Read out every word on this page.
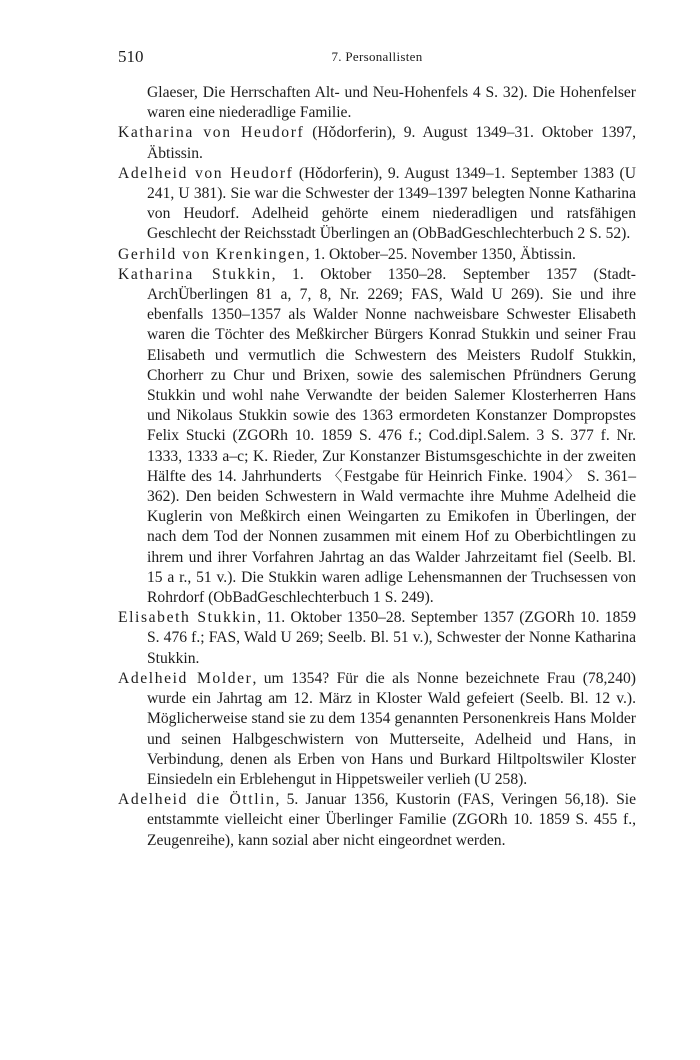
510	7. Personallisten

Glaeser, Die Herrschaften Alt- und Neu-Hohenfels 4 S. 32). Die Hohenfelser waren eine niederadlige Familie.

Katharina von Heudorf (Hǒdorferin), 9. August 1349–31. Oktober 1397, Äbtissin.

Adelheid von Heudorf (Hǒdorferin), 9. August 1349–1. September 1383 (U 241, U 381). Sie war die Schwester der 1349–1397 belegten Nonne Katharina von Heudorf. Adelheid gehörte einem niederadligen und ratsfähigen Geschlecht der Reichsstadt Überlingen an (ObBadGeschlechterbuch 2 S. 52).

Gerhild von Krenkingen, 1. Oktober–25. November 1350, Äbtissin.

Katharina Stukkin, 1. Oktober 1350–28. September 1357 (StadtArchÜberlingen 81 a, 7, 8, Nr. 2269; FAS, Wald U 269). Sie und ihre ebenfalls 1350–1357 als Walder Nonne nachweisbare Schwester Elisabeth waren die Töchter des Meßkircher Bürgers Konrad Stukkin und seiner Frau Elisabeth und vermutlich die Schwestern des Meisters Rudolf Stukkin, Chorherr zu Chur und Brixen, sowie des salemischen Pfründners Gerung Stukkin und wohl nahe Verwandte der beiden Salemer Klosterherren Hans und Nikolaus Stukkin sowie des 1363 ermordeten Konstanzer Dompropstes Felix Stucki (ZGORh 10. 1859 S. 476 f.; Cod.dipl.Salem. 3 S. 377 f. Nr. 1333, 1333 a–c; K. Rieder, Zur Konstanzer Bistumsgeschichte in der zweiten Hälfte des 14. Jahrhunderts 〈Festgabe für Heinrich Finke. 1904〉 S. 361–362). Den beiden Schwestern in Wald vermachte ihre Muhme Adelheid die Kuglerin von Meßkirch einen Weingarten zu Emikofen in Überlingen, der nach dem Tod der Nonnen zusammen mit einem Hof zu Oberbichtlingen zu ihrem und ihrer Vorfahren Jahrtag an das Walder Jahrzeitamt fiel (Seelb. Bl. 15 a r., 51 v.). Die Stukkin waren adlige Lehensmannen der Truchsessen von Rohrdorf (ObBadGeschlechterbuch 1 S. 249).

Elisabeth Stukkin, 11. Oktober 1350–28. September 1357 (ZGORh 10. 1859 S. 476 f.; FAS, Wald U 269; Seelb. Bl. 51 v.), Schwester der Nonne Katharina Stukkin.

Adelheid Molder, um 1354? Für die als Nonne bezeichnete Frau (78,240) wurde ein Jahrtag am 12. März in Kloster Wald gefeiert (Seelb. Bl. 12 v.). Möglicherweise stand sie zu dem 1354 genannten Personenkreis Hans Molder und seinen Halbgeschwistern von Mutterseite, Adelheid und Hans, in Verbindung, denen als Erben von Hans und Burkard Hiltpoltswiler Kloster Einsiedeln ein Erblehengut in Hippetsweiler verlieh (U 258).

Adelheid die Öttlin, 5. Januar 1356, Kustorin (FAS, Veringen 56,18). Sie entstammte vielleicht einer Überlinger Familie (ZGORh 10. 1859 S. 455 f., Zeugenreihe), kann sozial aber nicht eingeordnet werden.
